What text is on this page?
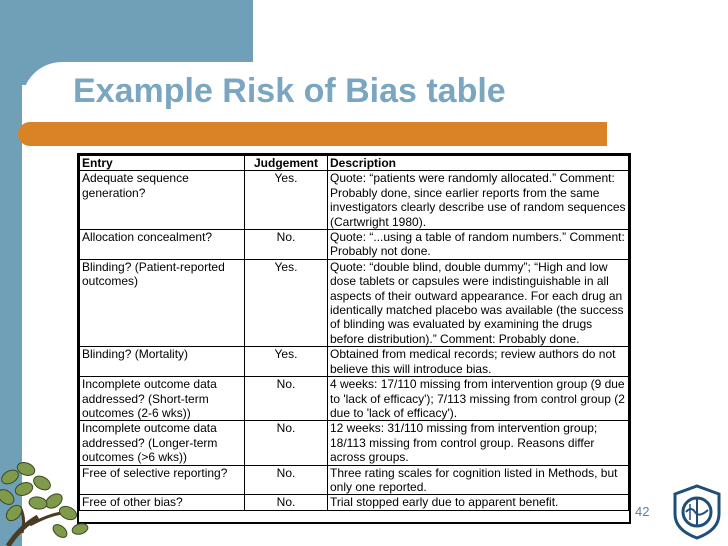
Example Risk of Bias table
Entry	Judgement	Description
Adequate sequence generation?	Yes.	Quote: “patients were randomly allocated.” Comment: Probably done, since earlier reports from the same investigators clearly describe use of random sequences (Cartwright 1980).
Allocation concealment?	No.	Quote: “...using a table of random numbers.” Comment: Probably not done.
Blinding? (Patient-reported outcomes)	Yes.	Quote: “double blind, double dummy”; “High and low dose tablets or capsules were indistinguishable in all aspects of their outward appearance. For each drug an identically matched placebo was available (the success of blinding was evaluated by examining the drugs before distribution).” Comment: Probably done.
Blinding? (Mortality)	Yes.	Obtained from medical records; review authors do not believe this will introduce bias.
Incomplete outcome data addressed? (Short-term outcomes (2-6 wks))	No.	4 weeks: 17/110 missing from intervention group (9 due to 'lack of efficacy'); 7/113 missing from control group (2 due to 'lack of efficacy').
Incomplete outcome data addressed? (Longer-term outcomes (>6 wks))	No.	12 weeks: 31/110 missing from intervention group; 18/113 missing from control group. Reasons differ across groups.
Free of selective reporting?	No.	Three rating scales for cognition listed in Methods, but only one reported.
Free of other bias?	No.	Trial stopped early due to apparent benefit.
42
